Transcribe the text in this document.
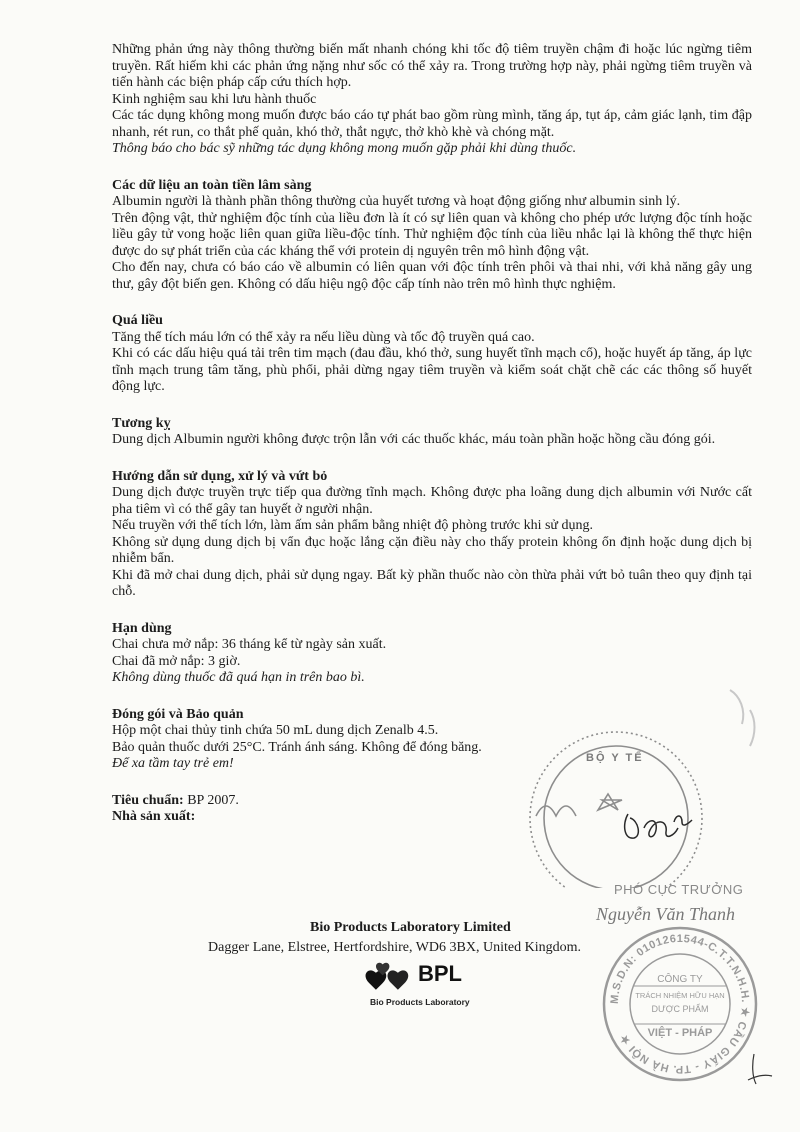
Những phản ứng này thông thường biến mất nhanh chóng khi tốc độ tiêm truyền chậm đi hoặc lúc ngừng tiêm truyền. Rất hiếm khi các phản ứng nặng như sốc có thể xảy ra. Trong trường hợp này, phải ngừng tiêm truyền và tiến hành các biện pháp cấp cứu thích hợp.

Kinh nghiệm sau khi lưu hành thuốc

Các tác dụng không mong muốn được báo cáo tự phát bao gồm rùng mình, tăng áp, tụt áp, cảm giác lạnh, tim đập nhanh, rét run, co thắt phế quản, khó thở, thắt ngực, thở khò khè và chóng mặt.

Thông báo cho bác sỹ những tác dụng không mong muốn gặp phải khi dùng thuốc.

Các dữ liệu an toàn tiền lâm sàng

Albumin người là thành phần thông thường của huyết tương và hoạt động giống như albumin sinh lý.

Trên động vật, thử nghiệm độc tính của liều đơn là ít có sự liên quan và không cho phép ước lượng độc tính hoặc liều gây tử vong hoặc liên quan giữa liều-độc tính. Thử nghiệm độc tính của liều nhắc lại là không thể thực hiện được do sự phát triển của các kháng thể với protein dị nguyên trên mô hình động vật.

Cho đến nay, chưa có báo cáo về albumin có liên quan với độc tính trên phôi và thai nhi, với khả năng gây ung thư, gây đột biến gen. Không có dấu hiệu ngộ độc cấp tính nào trên mô hình thực nghiệm.

Quá liều

Tăng thể tích máu lớn có thể xảy ra nếu liều dùng và tốc độ truyền quá cao.

Khi có các dấu hiệu quá tải trên tim mạch (đau đầu, khó thở, sung huyết tĩnh mạch cổ), hoặc huyết áp tăng, áp lực tĩnh mạch trung tâm tăng, phù phổi, phải dừng ngay tiêm truyền và kiểm soát chặt chẽ các các thông số huyết động lực.

Tương kỵ

Dung dịch Albumin người không được trộn lẫn với các thuốc khác, máu toàn phần hoặc hồng cầu đóng gói.

Hướng dẫn sử dụng, xử lý và vứt bỏ

Dung dịch được truyền trực tiếp qua đường tĩnh mạch. Không được pha loãng dung dịch albumin với Nước cất pha tiêm vì có thể gây tan huyết ở người nhận.

Nếu truyền với thể tích lớn, làm ấm sản phẩm bằng nhiệt độ phòng trước khi sử dụng.

Không sử dụng dung dịch bị vẩn đục hoặc lắng cặn điều này cho thấy protein không ổn định hoặc dung dịch bị nhiễm bẩn.

Khi đã mở chai dung dịch, phải sử dụng ngay. Bất kỳ phần thuốc nào còn thừa phải vứt bỏ tuân theo quy định tại chỗ.

Hạn dùng

Chai chưa mở nắp: 36 tháng kể từ ngày sản xuất.

Chai đã mở nắp: 3 giờ.

Không dùng thuốc đã quá hạn in trên bao bì.

Đóng gói và Bảo quản

Hộp một chai thủy tinh chứa 50 mL dung dịch Zenalb 4.5.

Bảo quản thuốc dưới 25°C. Tránh ánh sáng. Không để đóng băng.

Để xa tầm tay trẻ em!

Tiêu chuẩn: BP 2007.

Nhà sản xuất:

Bio Products Laboratory Limited
Dagger Lane, Elstree, Hertfordshire, WD6 3BX, United Kingdom.
BPL
Bio Products Laboratory
BỘ Y TẾ
PHÓ CỤC TRƯỞNG
Nguyễn Văn Thanh
M.S.D.N: 0101261544-C.T.T.N.H.H. ★ CẦU GIẤY - TP. HÀ NỘI ★
CÔNG TY
TRÁCH NHIỆM HỮU HẠN
DƯỢC PHẨM
VIỆT - PHÁP
